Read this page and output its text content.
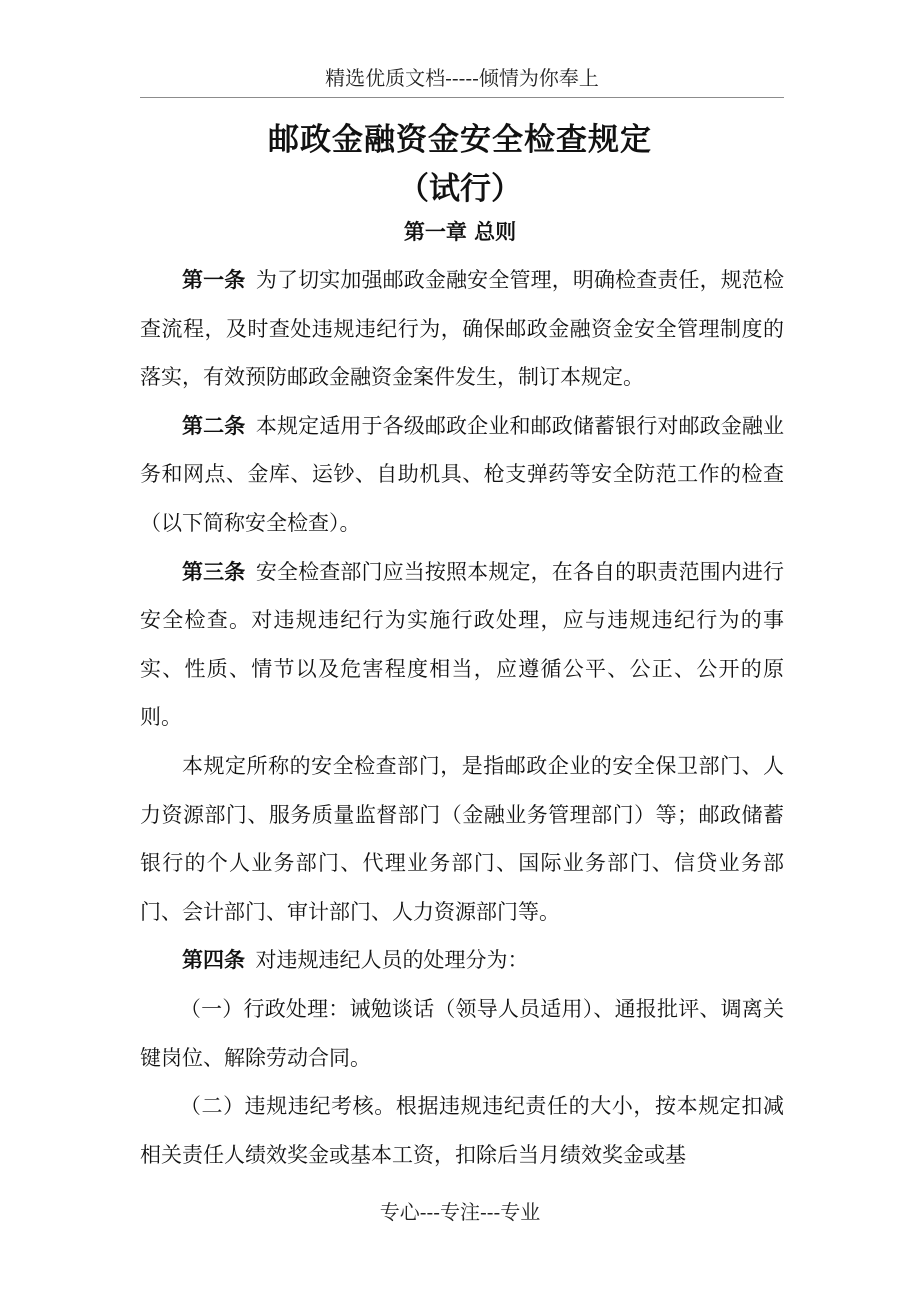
精选优质文档-----倾情为你奉上
邮政金融资金安全检查规定
（试行）
第一章 总则

第一条 为了切实加强邮政金融安全管理，明确检查责任，规范检查流程，及时查处违规违纪行为，确保邮政金融资金安全管理制度的落实，有效预防邮政金融资金案件发生，制订本规定。

第二条 本规定适用于各级邮政企业和邮政储蓄银行对邮政金融业务和网点、金库、运钞、自助机具、枪支弹药等安全防范工作的检查（以下简称安全检查）。

第三条 安全检查部门应当按照本规定，在各自的职责范围内进行安全检查。对违规违纪行为实施行政处理，应与违规违纪行为的事实、性质、情节以及危害程度相当，应遵循公平、公正、公开的原则。

本规定所称的安全检查部门，是指邮政企业的安全保卫部门、人力资源部门、服务质量监督部门（金融业务管理部门）等；邮政储蓄银行的个人业务部门、代理业务部门、国际业务部门、信贷业务部门、会计部门、审计部门、人力资源部门等。

第四条 对违规违纪人员的处理分为：

（一）行政处理：诫勉谈话（领导人员适用）、通报批评、调离关键岗位、解除劳动合同。

（二）违规违纪考核。根据违规违纪责任的大小，按本规定扣减相关责任人绩效奖金或基本工资，扣除后当月绩效奖金或基

专心---专注---专业
